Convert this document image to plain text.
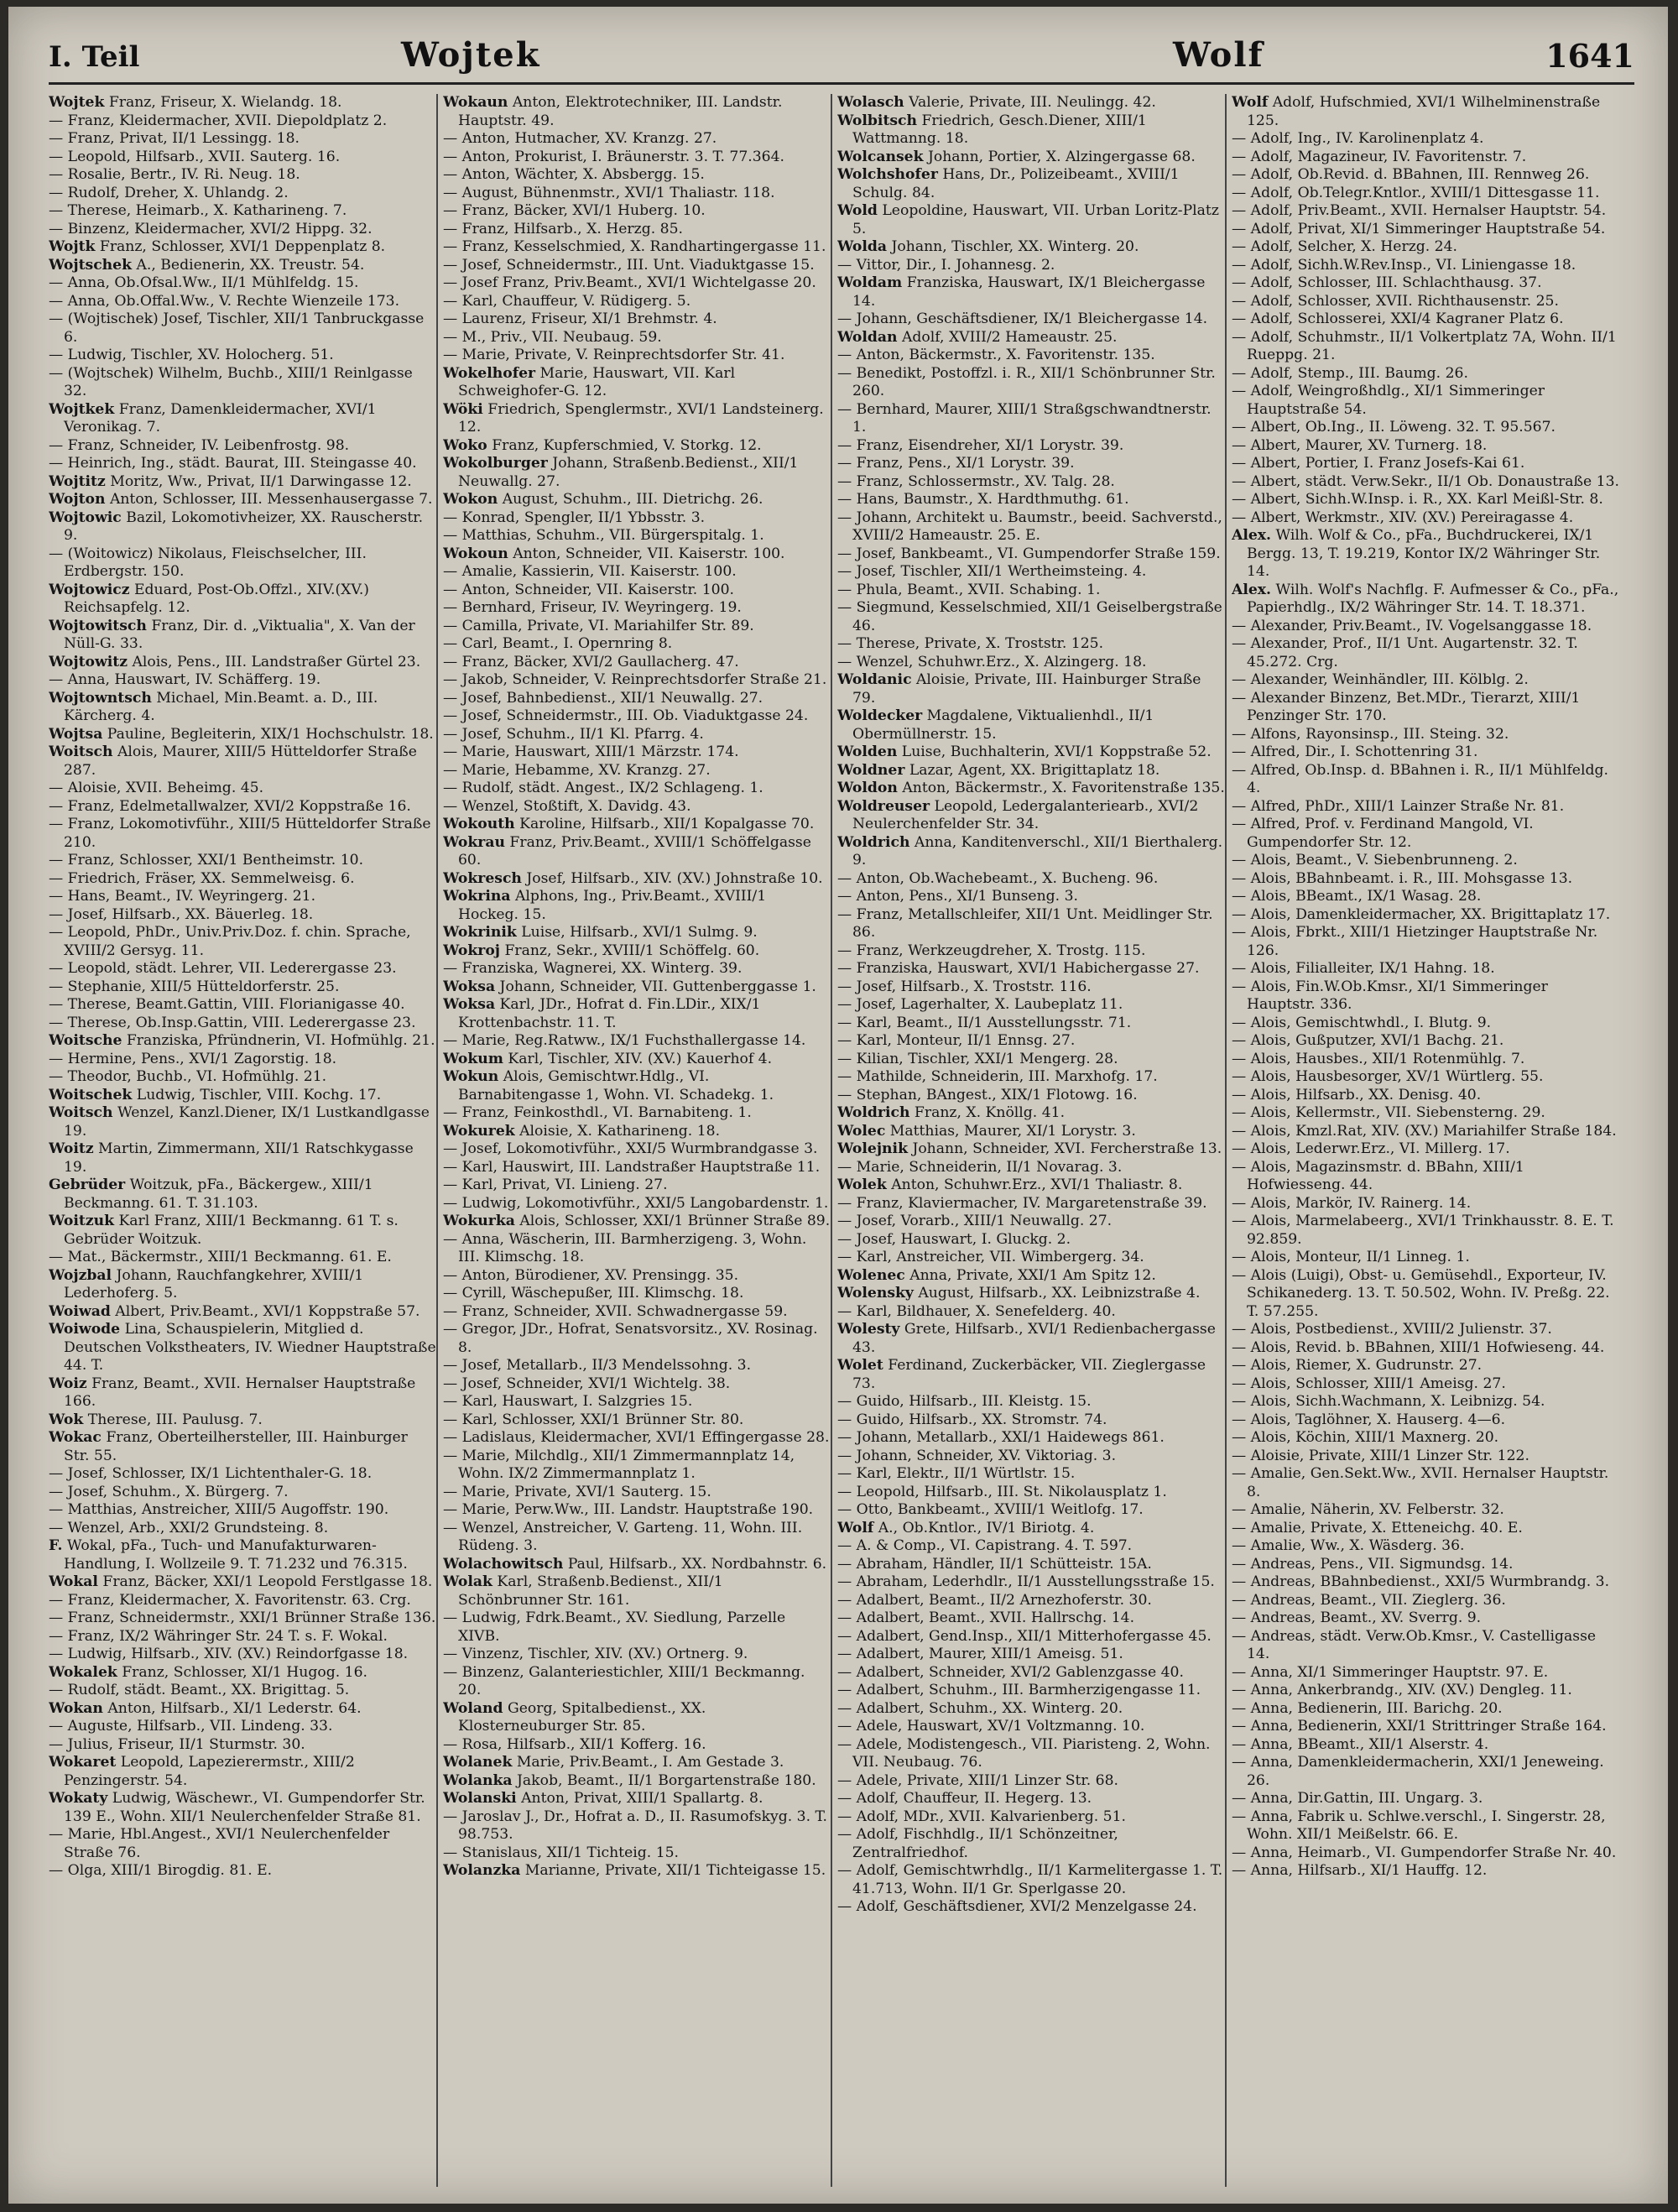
I. Teil	Wojtek	Wolf	1641
Wojtek Franz, Friseur, X. Wielandg. 18.
— Franz, Kleidermacher, XVII. Diepoldplatz 2.
— Franz, Privat, II/1 Lessingg. 18.
— Leopold, Hilfsarb., XVII. Sauterg. 16.
— Rosalie, Bertr., IV. Ri. Neug. 18.
— Rudolf, Dreher, X. Uhlandg. 2.
— Therese, Heimarb., X. Katharineng. 7.
— Binzenz, Kleidermacher, XVI/2 Hippg. 32.
Wojtk Franz, Schlosser, XVI/1 Deppenplatz 8.
Wojtschek A., Bedienerin, XX. Treustr. 54.
— Anna, Ob.Ofsal.Ww., II/1 Mühlfeldg. 15.
— Anna, Ob.Offal.Ww., V. Rechte Wienzeile 173.
— (Wojtischek) Josef, Tischler, XII/1 Tanbruckgasse 6.
— Ludwig, Tischler, XV. Holocherg. 51.
— (Wojtschek) Wilhelm, Buchb., XIII/1 Reinlgasse 32.
Wojtkek Franz, Damenkleidermacher, XVI/1 Veronikag. 7.
— Franz, Schneider, IV. Leibenfrostg. 98.
— Heinrich, Ing., städt. Baurat, III. Steingasse 40.
Wojtitz Moritz, Ww., Privat, II/1 Darwingasse 12.
Wojton Anton, Schlosser, III. Messenhausergasse 7.
Wojtowic Bazil, Lokomotivheizer, XX. Rauscherstr. 9.
— (Woitowicz) Nikolaus, Fleischselcher, III. Erdbergstr. 150.
Wojtowicz Eduard, Post-Ob.Offzl., XIV.(XV.) Reichsapfelg. 12.
Wojtowitsch Franz, Dir. d. „Viktualia", X. Van der Nüll-G. 33.
Wojtowitz Alois, Pens., III. Landstraßer Gürtel 23.
— Anna, Hauswart, IV. Schäfferg. 19.
Wojtowntsch Michael, Min.Beamt. a. D., III. Kärcherg. 4.
Wojtsa Pauline, Begleiterin, XIX/1 Hochschulstr. 18.
Woitsch Alois, Maurer, XIII/5 Hütteldorfer Straße 287.
— Aloisie, XVII. Beheimg. 45.
— Franz, Edelmetallwalzer, XVI/2 Koppstraße 16.
— Franz, Lokomotivführ., XIII/5 Hütteldorfer Straße 210.
— Franz, Schlosser, XXI/1 Bentheimstr. 10.
— Friedrich, Fräser, XX. Semmelweisg. 6.
— Hans, Beamt., IV. Weyringerg. 21.
— Josef, Hilfsarb., XX. Bäuerleg. 18.
— Leopold, PhDr., Univ.Priv.Doz. f. chin. Sprache, XVIII/2 Gersyg. 11.
— Leopold, städt. Lehrer, VII. Lederergasse 23.
— Stephanie, XIII/5 Hütteldorferstr. 25.
— Therese, Beamt.Gattin, VIII. Florianigasse 40.
— Therese, Ob.Insp.Gattin, VIII. Lederergasse 23.
Woitsche Franziska, Pfründnerin, VI. Hofmühlg. 21.
— Hermine, Pens., XVI/1 Zagorstig. 18.
— Theodor, Buchb., VI. Hofmühlg. 21.
Woitschek Ludwig, Tischler, VIII. Kochg. 17.
Woitsch Wenzel, Kanzl.Diener, IX/1 Lustkandlgasse 19.
Woitz Martin, Zimmermann, XII/1 Ratschkygasse 19.
Gebrüder Woitzuk, pFa., Bäckergew., XIII/1 Beckmanng. 61. T. 31.103.
Woitzuk Karl Franz, XIII/1 Beckmanng. 61 T. s. Gebrüder Woitzuk.
— Mat., Bäckermstr., XIII/1 Beckmanng. 61. E.
Wojzbal Johann, Rauchfangkehrer, XVIII/1 Lederhoferg. 5.
Woiwad Albert, Priv.Beamt., XVI/1 Koppstraße 57.
Woiwode Lina, Schauspielerin, Mitglied d. Deutschen Volkstheaters, IV. Wiedner Hauptstraße 44. T.
Woiz Franz, Beamt., XVII. Hernalser Hauptstraße 166.
Wok Therese, III. Paulusg. 7.
Wokac Franz, Oberteilhersteller, III. Hainburger Str. 55.
— Josef, Schlosser, IX/1 Lichtenthaler-G. 18.
— Josef, Schuhm., X. Bürgerg. 7.
— Matthias, Anstreicher, XIII/5 Augoffstr. 190.
— Wenzel, Arb., XXI/2 Grundsteing. 8.
F. Wokal, pFa., Tuch- und Manufakturwaren-Handlung, I. Wollzeile 9. T. 71.232 und 76.315.
Wokal Franz, Bäcker, XXI/1 Leopold Ferstlgasse 18.
— Franz, Kleidermacher, X. Favoritenstr. 63. Crg.
— Franz, Schneidermstr., XXI/1 Brünner Straße 136.
— Franz, IX/2 Währinger Str. 24 T. s. F. Wokal.
— Ludwig, Hilfsarb., XIV. (XV.) Reindorfgasse 18.
Wokalek Franz, Schlosser, XI/1 Hugog. 16.
— Rudolf, städt. Beamt., XX. Brigittag. 5.
Wokan Anton, Hilfsarb., XI/1 Lederstr. 64.
— Auguste, Hilfsarb., VII. Lindeng. 33.
— Julius, Friseur, II/1 Sturmstr. 30.
Wokaret Leopold, Lapezierermstr., XIII/2 Penzingerstr. 54.
Wokaty Ludwig, Wäschewr., VI. Gumpendorfer Str. 139 E., Wohn. XII/1 Neulerchenfelder Straße 81.
— Marie, Hbl.Angest., XVI/1 Neulerchenfelder Straße 76.
— Olga, XIII/1 Birogdig. 81. E.
Wokaun Anton, Elektrotechniker, III. Landstr. Hauptstr. 49.
— Anton, Hutmacher, XV. Kranzg. 27.
— Anton, Prokurist, I. Bräunerstr. 3. T. 77.364.
— Anton, Wächter, X. Absbergg. 15.
— August, Bühnenmstr., XVI/1 Thaliastr. 118.
— Franz, Bäcker, XVI/1 Huberg. 10.
— Franz, Hilfsarb., X. Herzg. 85.
— Franz, Kesselschmied, X. Randhartingergasse 11.
— Josef, Schneidermstr., III. Unt. Viaduktgasse 15.
— Josef Franz, Priv.Beamt., XVI/1 Wichtelgasse 20.
— Karl, Chauffeur, V. Rüdigerg. 5.
— Laurenz, Friseur, XI/1 Brehmstr. 4.
— M., Priv., VII. Neubaug. 59.
— Marie, Private, V. Reinprechtsdorfer Str. 41.
Wokelhofer Marie, Hauswart, VII. Karl Schweighofer-G. 12.
Wöki Friedrich, Spenglermstr., XVI/1 Landsteinerg. 12.
Woko Franz, Kupferschmied, V. Storkg. 12.
Wokolburger Johann, Straßenb.Bedienst., XII/1 Neuwallg. 27.
Wokon August, Schuhm., III. Dietrichg. 26.
— Konrad, Spengler, II/1 Ybbsstr. 3.
— Matthias, Schuhm., VII. Bürgerspitalg. 1.
Wokoun Anton, Schneider, VII. Kaiserstr. 100.
— Amalie, Kassierin, VII. Kaiserstr. 100.
— Anton, Schneider, VII. Kaiserstr. 100.
— Bernhard, Friseur, IV. Weyringerg. 19.
— Camilla, Private, VI. Mariahilfer Str. 89.
— Carl, Beamt., I. Opernring 8.
— Franz, Bäcker, XVI/2 Gaullacherg. 47.
— Jakob, Schneider, V. Reinprechtsdorfer Straße 21.
— Josef, Bahnbedienst., XII/1 Neuwallg. 27.
— Josef, Schneidermstr., III. Ob. Viaduktgasse 24.
— Josef, Schuhm., II/1 Kl. Pfarrg. 4.
— Marie, Hauswart, XIII/1 Märzstr. 174.
— Marie, Hebamme, XV. Kranzg. 27.
— Rudolf, städt. Angest., IX/2 Schlageng. 1.
— Wenzel, Stoßtift, X. Davidg. 43.
Wokouth Karoline, Hilfsarb., XII/1 Kopalgasse 70.
Wokrau Franz, Priv.Beamt., XVIII/1 Schöffelgasse 60.
Wokresch Josef, Hilfsarb., XIV. (XV.) Johnstraße 10.
Wokrina Alphons, Ing., Priv.Beamt., XVIII/1 Hockeg. 15.
Wokrinik Luise, Hilfsarb., XVI/1 Sulmg. 9.
Wokroj Franz, Sekr., XVIII/1 Schöffelg. 60.
— Franziska, Wagnerei, XX. Winterg. 39.
Woksa Johann, Schneider, VII. Guttenberggasse 1.
Woksa Karl, JDr., Hofrat d. Fin.LDir., XIX/1 Krottenbachstr. 11. T.
— Marie, Reg.Ratww., IX/1 Fuchsthallergasse 14.
Wokum Karl, Tischler, XIV. (XV.) Kauerhof 4.
Wokun Alois, Gemischtwr.Hdlg., VI. Barnabitengasse 1, Wohn. VI. Schadekg. 1.
— Franz, Feinkosthdl., VI. Barnabiteng. 1.
Wokurek Aloisie, X. Katharineng. 18.
— Josef, Lokomotivführ., XXI/5 Wurmbrandgasse 3.
— Karl, Hauswirt, III. Landstraßer Hauptstraße 11.
— Karl, Privat, VI. Linieng. 27.
— Ludwig, Lokomotivführ., XXI/5 Langobardenstr. 1.
Wokurka Alois, Schlosser, XXI/1 Brünner Straße 89.
— Anna, Wäscherin, III. Barmherzigeng. 3, Wohn. III. Klimschg. 18.
— Anton, Bürodiener, XV. Prensingg. 35.
— Cyrill, Wäschepußer, III. Klimschg. 18.
— Franz, Schneider, XVII. Schwadnergasse 59.
— Gregor, JDr., Hofrat, Senatsvorsitz., XV. Rosinag. 8.
— Josef, Metallarb., II/3 Mendelssohng. 3.
— Josef, Schneider, XVI/1 Wichtelg. 38.
— Karl, Hauswart, I. Salzgries 15.
— Karl, Schlosser, XXI/1 Brünner Str. 80.
— Ladislaus, Kleidermacher, XVI/1 Effingergasse 28.
— Marie, Milchdlg., XII/1 Zimmermannplatz 14, Wohn. IX/2 Zimmermannplatz 1.
— Marie, Private, XVI/1 Sauterg. 15.
— Marie, Perw.Ww., III. Landstr. Hauptstraße 190.
— Wenzel, Anstreicher, V. Garteng. 11, Wohn. III. Rüdeng. 3.
Wolachowitsch Paul, Hilfsarb., XX. Nordbahnstr. 6.
Wolak Karl, Straßenb.Bedienst., XII/1 Schönbrunner Str. 161.
— Ludwig, Fdrk.Beamt., XV. Siedlung, Parzelle XIVB.
— Vinzenz, Tischler, XIV. (XV.) Ortnerg. 9.
— Binzenz, Galanteriestichler, XIII/1 Beckmanng. 20.
Woland Georg, Spitalbedienst., XX. Klosterneuburger Str. 85.
— Rosa, Hilfsarb., XII/1 Kofferg. 16.
Wolanek Marie, Priv.Beamt., I. Am Gestade 3.
Wolanka Jakob, Beamt., II/1 Borgartenstraße 180.
Wolanski Anton, Privat, XIII/1 Spallartg. 8.
— Jaroslav J., Dr., Hofrat a. D., II. Rasumofskyg. 3. T. 98.753.
— Stanislaus, XII/1 Tichteig. 15.
Wolanzka Marianne, Private, XII/1 Tichteigasse 15.
Wolasch Valerie, Private, III. Neulingg. 42.
Wolbitsch Friedrich, Gesch.Diener, XIII/1 Wattmanng. 18.
Wolcansek Johann, Portier, X. Alzingergasse 68.
Wolchshofer Hans, Dr., Polizeibeamt., XVIII/1 Schulg. 84.
Wold Leopoldine, Hauswart, VII. Urban Loritz-Platz 5.
Wolda Johann, Tischler, XX. Winterg. 20.
— Vittor, Dir., I. Johannesg. 2.
Woldam Franziska, Hauswart, IX/1 Bleichergasse 14.
— Johann, Geschäftsdiener, IX/1 Bleichergasse 14.
Woldan Adolf, XVIII/2 Hameaustr. 25.
— Anton, Bäckermstr., X. Favoritenstr. 135.
— Benedikt, Postoffzl. i. R., XII/1 Schönbrunner Str. 260.
— Bernhard, Maurer, XIII/1 Straßgschwandtnerstr. 1.
— Franz, Eisendreher, XI/1 Lorystr. 39.
— Franz, Pens., XI/1 Lorystr. 39.
— Franz, Schlossermstr., XV. Talg. 28.
— Hans, Baumstr., X. Hardthmuthg. 61.
— Johann, Architekt u. Baumstr., beeid. Sachverstd., XVIII/2 Hameaustr. 25. E.
— Josef, Bankbeamt., VI. Gumpendorfer Straße 159.
— Josef, Tischler, XII/1 Wertheimsteing. 4.
— Phula, Beamt., XVII. Schabing. 1.
— Siegmund, Kesselschmied, XII/1 Geiselbergstraße 46.
— Therese, Private, X. Troststr. 125.
— Wenzel, Schuhwr.Erz., X. Alzingerg. 18.
Woldanic Aloisie, Private, III. Hainburger Straße 79.
Woldecker Magdalene, Viktualienhdl., II/1 Obermüllnerstr. 15.
Wolden Luise, Buchhalterin, XVI/1 Koppstraße 52.
Woldner Lazar, Agent, XX. Brigittaplatz 18.
Woldon Anton, Bäckermstr., X. Favoritenstraße 135.
Woldreuser Leopold, Ledergalanteriearb., XVI/2 Neulerchenfelder Str. 34.
Woldrich Anna, Kanditenverschl., XII/1 Bierthalerg. 9.
— Anton, Ob.Wachebeamt., X. Bucheng. 96.
— Anton, Pens., XI/1 Bunseng. 3.
— Franz, Metallschleifer, XII/1 Unt. Meidlinger Str. 86.
— Franz, Werkzeugdreher, X. Trostg. 115.
— Franziska, Hauswart, XVI/1 Habichergasse 27.
— Josef, Hilfsarb., X. Troststr. 116.
— Josef, Lagerhalter, X. Laubeplatz 11.
— Karl, Beamt., II/1 Ausstellungsstr. 71.
— Karl, Monteur, II/1 Ennsg. 27.
— Kilian, Tischler, XXI/1 Mengerg. 28.
— Mathilde, Schneiderin, III. Marxhofg. 17.
— Stephan, BAngest., XIX/1 Flotowg. 16.
Woldrich Franz, X. Knöllg. 41.
Wolec Matthias, Maurer, XI/1 Lorystr. 3.
Wolejnik Johann, Schneider, XVI. Fercherstraße 13.
— Marie, Schneiderin, II/1 Novarag. 3.
Wolek Anton, Schuhwr.Erz., XVI/1 Thaliastr. 8.
— Franz, Klaviermacher, IV. Margaretenstraße 39.
— Josef, Vorarb., XIII/1 Neuwallg. 27.
— Josef, Hauswart, I. Gluckg. 2.
— Karl, Anstreicher, VII. Wimbergerg. 34.
Wolenec Anna, Private, XXI/1 Am Spitz 12.
Wolensky August, Hilfsarb., XX. Leibnizstraße 4.
— Karl, Bildhauer, X. Senefelderg. 40.
Wolesty Grete, Hilfsarb., XVI/1 Redienbachergasse 43.
Wolet Ferdinand, Zuckerbäcker, VII. Zieglergasse 73.
— Guido, Hilfsarb., III. Kleistg. 15.
— Guido, Hilfsarb., XX. Stromstr. 74.
— Johann, Metallarb., XXI/1 Haidewegs 861.
— Johann, Schneider, XV. Viktoriag. 3.
— Karl, Elektr., II/1 Würtlstr. 15.
— Leopold, Hilfsarb., III. St. Nikolausplatz 1.
— Otto, Bankbeamt., XVIII/1 Weitlofg. 17.
Wolf A., Ob.Kntlor., IV/1 Biriotg. 4.
— A. & Comp., VI. Capistrang. 4. T. 597.
— Abraham, Händler, II/1 Schütteistr. 15A.
— Abraham, Lederhdlr., II/1 Ausstellungsstraße 15.
— Adalbert, Beamt., II/2 Arnezhoferstr. 30.
— Adalbert, Beamt., XVII. Hallrschg. 14.
— Adalbert, Gend.Insp., XII/1 Mitterhofergasse 45.
— Adalbert, Maurer, XIII/1 Ameisg. 51.
— Adalbert, Schneider, XVI/2 Gablenzgasse 40.
— Adalbert, Schuhm., III. Barmherzigengasse 11.
— Adalbert, Schuhm., XX. Winterg. 20.
— Adele, Hauswart, XV/1 Voltzmanng. 10.
— Adele, Modistengesch., VII. Piaristeng. 2, Wohn. VII. Neubaug. 76.
— Adele, Private, XIII/1 Linzer Str. 68.
— Adolf, Chauffeur, II. Hegerg. 13.
— Adolf, MDr., XVII. Kalvarienberg. 51.
— Adolf, Fischhdlg., II/1 Schönzeitner, Zentralfriedhof.
— Adolf, Gemischtwrhdlg., II/1 Karmelitergasse 1. T. 41.713, Wohn. II/1 Gr. Sperlgasse 20.
— Adolf, Geschäftsdiener, XVI/2 Menzelgasse 24.
Wolf Adolf, Hufschmied, XVI/1 Wilhelminenstraße 125.
— Adolf, Ing., IV. Karolinenplatz 4.
— Adolf, Magazineur, IV. Favoritenstr. 7.
— Adolf, Ob.Revid. d. BBahnen, III. Rennweg 26.
— Adolf, Ob.Telegr.Kntlor., XVIII/1 Dittesgasse 11.
— Adolf, Priv.Beamt., XVII. Hernalser Hauptstr. 54.
— Adolf, Privat, XI/1 Simmeringer Hauptstraße 54.
— Adolf, Selcher, X. Herzg. 24.
— Adolf, Sichh.W.Rev.Insp., VI. Liniengasse 18.
— Adolf, Schlosser, III. Schlachthausg. 37.
— Adolf, Schlosser, XVII. Richthausenstr. 25.
— Adolf, Schlosserei, XXI/4 Kagraner Platz 6.
— Adolf, Schuhmstr., II/1 Volkertplatz 7A, Wohn. II/1 Rueppg. 21.
— Adolf, Stemp., III. Baumg. 26.
— Adolf, Weingroßhdlg., XI/1 Simmeringer Hauptstraße 54.
— Albert, Ob.Ing., II. Löweng. 32. T. 95.567.
— Albert, Maurer, XV. Turnerg. 18.
— Albert, Portier, I. Franz Josefs-Kai 61.
— Albert, städt. Verw.Sekr., II/1 Ob. Donaustraße 13.
— Albert, Sichh.W.Insp. i. R., XX. Karl Meißl-Str. 8.
— Albert, Werkmstr., XIV. (XV.) Pereiragasse 4.
Alex. Wilh. Wolf & Co., pFa., Buchdruckerei, IX/1 Bergg. 13, T. 19.219, Kontor IX/2 Währinger Str. 14.
Alex. Wilh. Wolf's Nachflg. F. Aufmesser & Co., pFa., Papierhdlg., IX/2 Währinger Str. 14. T. 18.371.
— Alexander, Priv.Beamt., IV. Vogelsanggasse 18.
— Alexander, Prof., II/1 Unt. Augartenstr. 32. T. 45.272. Crg.
— Alexander, Weinhändler, III. Kölblg. 2.
— Alexander Binzenz, Bet.MDr., Tierarzt, XIII/1 Penzinger Str. 170.
— Alfons, Rayonsinsp., III. Steing. 32.
— Alfred, Dir., I. Schottenring 31.
— Alfred, Ob.Insp. d. BBahnen i. R., II/1 Mühlfeldg. 4.
— Alfred, PhDr., XIII/1 Lainzer Straße Nr. 81.
— Alfred, Prof. v. Ferdinand Mangold, VI. Gumpendorfer Str. 12.
— Alois, Beamt., V. Siebenbrunneng. 2.
— Alois, BBahnbeamt. i. R., III. Mohsgasse 13.
— Alois, BBeamt., IX/1 Wasag. 28.
— Alois, Damenkleidermacher, XX. Brigittaplatz 17.
— Alois, Fbrkt., XIII/1 Hietzinger Hauptstraße Nr. 126.
— Alois, Filialleiter, IX/1 Hahng. 18.
— Alois, Fin.W.Ob.Kmsr., XI/1 Simmeringer Hauptstr. 336.
— Alois, Gemischtwhdl., I. Blutg. 9.
— Alois, Gußputzer, XVI/1 Bachg. 21.
— Alois, Hausbes., XII/1 Rotenmühlg. 7.
— Alois, Hausbesorger, XV/1 Würtlerg. 55.
— Alois, Hilfsarb., XX. Denisg. 40.
— Alois, Kellermstr., VII. Siebensterng. 29.
— Alois, Kmzl.Rat, XIV. (XV.) Mariahilfer Straße 184.
— Alois, Lederwr.Erz., VI. Millerg. 17.
— Alois, Magazinsmstr. d. BBahn, XIII/1 Hofwiesseng. 44.
— Alois, Markör, IV. Rainerg. 14.
— Alois, Marmelabeerg., XVI/1 Trinkhausstr. 8. E. T. 92.859.
— Alois, Monteur, II/1 Linneg. 1.
— Alois (Luigi), Obst- u. Gemüsehdl., Exporteur, IV. Schikanederg. 13. T. 50.502, Wohn. IV. Preßg. 22. T. 57.255.
— Alois, Postbedienst., XVIII/2 Julienstr. 37.
— Alois, Revid. b. BBahnen, XIII/1 Hofwieseng. 44.
— Alois, Riemer, X. Gudrunstr. 27.
— Alois, Schlosser, XIII/1 Ameisg. 27.
— Alois, Sichh.Wachmann, X. Leibnizg. 54.
— Alois, Taglöhner, X. Hauserg. 4—6.
— Alois, Köchin, XIII/1 Maxnerg. 20.
— Aloisie, Private, XIII/1 Linzer Str. 122.
— Amalie, Gen.Sekt.Ww., XVII. Hernalser Hauptstr. 8.
— Amalie, Näherin, XV. Felberstr. 32.
— Amalie, Private, X. Etteneichg. 40. E.
— Amalie, Ww., X. Wäsderg. 36.
— Andreas, Pens., VII. Sigmundsg. 14.
— Andreas, BBahnbedienst., XXI/5 Wurmbrandg. 3.
— Andreas, Beamt., VII. Zieglerg. 36.
— Andreas, Beamt., XV. Sverrg. 9.
— Andreas, städt. Verw.Ob.Kmsr., V. Castelligasse 14.
— Anna, XI/1 Simmeringer Hauptstr. 97. E.
— Anna, Ankerbrandg., XIV. (XV.) Dengleg. 11.
— Anna, Bedienerin, III. Barichg. 20.
— Anna, Bedienerin, XXI/1 Strittringer Straße 164.
— Anna, BBeamt., XII/1 Alserstr. 4.
— Anna, Damenkleidermacherin, XXI/1 Jeneweing. 26.
— Anna, Dir.Gattin, III. Ungarg. 3.
— Anna, Fabrik u. Schlwe.verschl., I. Singerstr. 28, Wohn. XII/1 Meißelstr. 66. E.
— Anna, Heimarb., VI. Gumpendorfer Straße Nr. 40.
— Anna, Hilfsarb., XI/1 Hauffg. 12.
